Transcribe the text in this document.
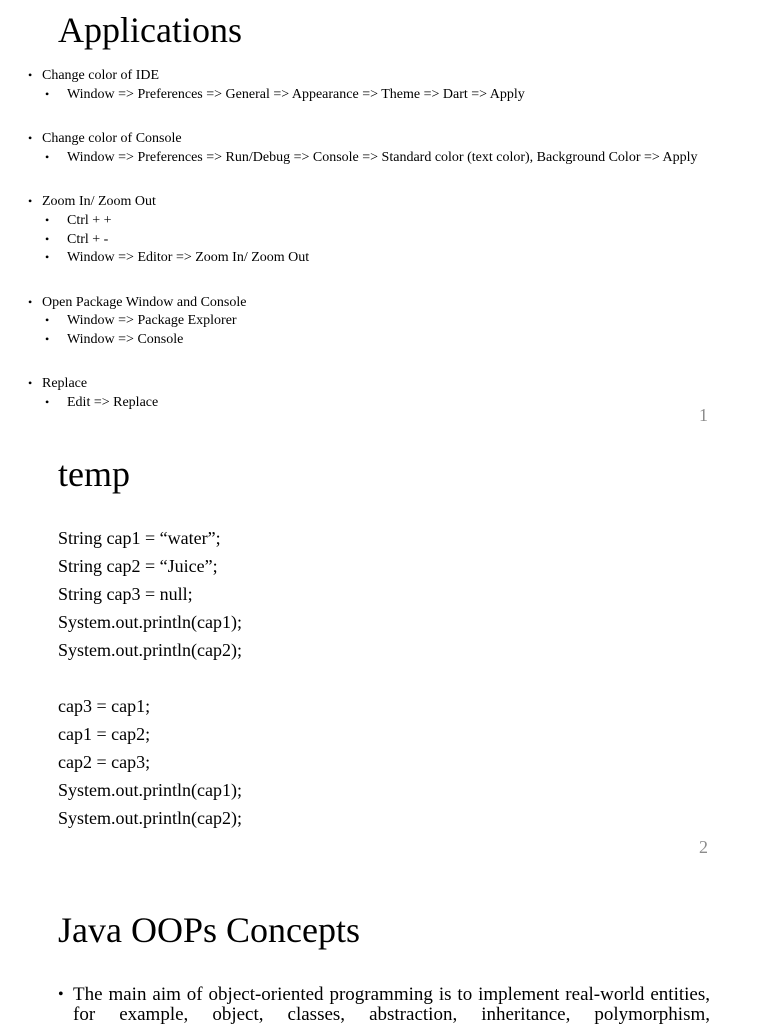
Applications
• Change color of IDE
• Window => Preferences => General => Appearance => Theme => Dart => Apply
• Change color of Console
• Window => Preferences => Run/Debug => Console => Standard color (text color), Background Color => Apply
• Zoom In/ Zoom Out
• Ctrl + +
• Ctrl + -
• Window => Editor => Zoom In/ Zoom Out
• Open Package Window and Console
• Window => Package Explorer
• Window => Console
• Replace
• Edit => Replace
1
temp
String cap1 = “water”;
String cap2 = “Juice”;
String cap3 = null;
System.out.println(cap1);
System.out.println(cap2);
cap3 = cap1;
cap1 = cap2;
cap2 = cap3;
System.out.println(cap1);
System.out.println(cap2);
2
Java OOPs Concepts
• The main aim of object-oriented programming is to implement real-world entities, for example, object, classes, abstraction, inheritance, polymorphism,
